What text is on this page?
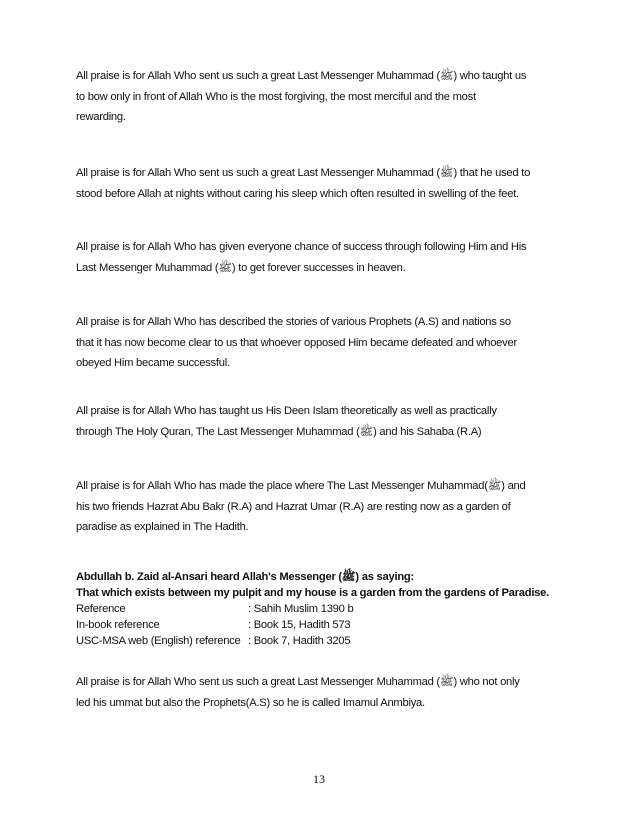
All praise is for Allah Who sent us such a great Last Messenger Muhammad (ﷺ) who taught us
to bow only in front of Allah Who is the most forgiving, the most merciful and the most
rewarding.

All praise is for Allah Who sent us such a great Last Messenger Muhammad (ﷺ) that he used to
stood before Allah at nights without caring his sleep which often resulted in swelling of the feet.

All praise is for Allah Who has given everyone chance of success through following Him and His
Last Messenger Muhammad (ﷺ) to get forever successes in heaven.

All praise is for Allah Who has described the stories of various Prophets (A.S) and nations so
that it has now become clear to us that whoever opposed Him became defeated and whoever
obeyed Him became successful.

All praise is for Allah Who has taught us His Deen Islam theoretically as well as practically
through The Holy Quran, The Last Messenger Muhammad (ﷺ) and his Sahaba (R.A)

All praise is for Allah Who has made the place where The Last Messenger Muhammad(ﷺ) and
his two friends Hazrat Abu Bakr (R.A) and Hazrat Umar (R.A) are resting now as a garden of
paradise as explained in The Hadith.

Abdullah b. Zaid al-Ansari heard Allah's Messenger (ﷺ) as saying:
That which exists between my pulpit and my house is a garden from the gardens of Paradise.
Reference	: Sahih Muslim 1390 b
In-book reference	: Book 15, Hadith 573
USC-MSA web (English) reference : Book 7, Hadith 3205

All praise is for Allah Who sent us such a great Last Messenger Muhammad (ﷺ) who not only
led his ummat but also the Prophets(A.S) so he is called Imamul Anmbiya.

13
